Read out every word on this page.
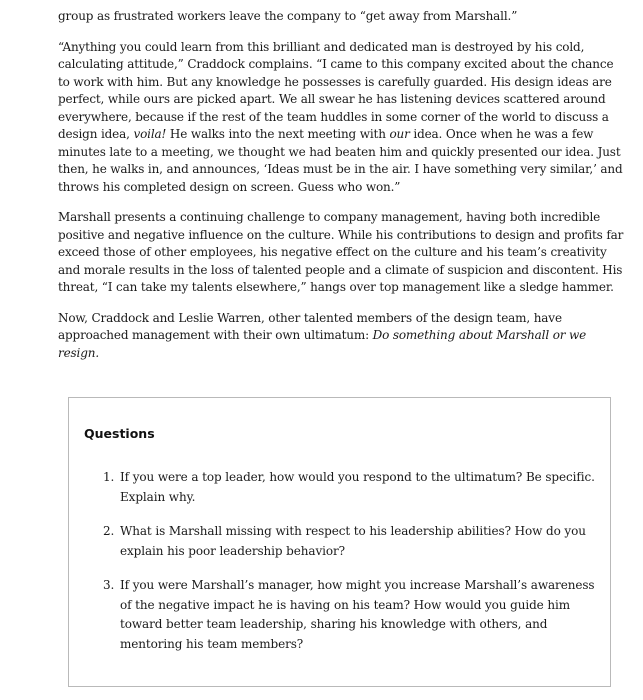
group as frustrated workers leave the company to “get away from Marshall.”

“Anything you could learn from this brilliant and dedicated man is destroyed by his cold, calculating attitude,” Craddock complains. “I came to this company excited about the chance to work with him. But any knowledge he possesses is carefully guarded. His design ideas are perfect, while ours are picked apart. We all swear he has listening devices scattered around everywhere, because if the rest of the team huddles in some corner of the world to discuss a design idea, voila! He walks into the next meeting with our idea. Once when he was a few minutes late to a meeting, we thought we had beaten him and quickly presented our idea. Just then, he walks in, and announces, ‘Ideas must be in the air. I have something very similar,’ and throws his completed design on screen. Guess who won.”

Marshall presents a continuing challenge to company management, having both incredible positive and negative influence on the culture. While his contributions to design and profits far exceed those of other employees, his negative effect on the culture and his team’s creativity and morale results in the loss of talented people and a climate of suspicion and discontent. His threat, “I can take my talents elsewhere,” hangs over top management like a sledge hammer.

Now, Craddock and Leslie Warren, other talented members of the design team, have approached management with their own ultimatum: Do something about Marshall or we resign.

Questions
1. If you were a top leader, how would you respond to the ultimatum? Be specific. Explain why.
2. What is Marshall missing with respect to his leadership abilities? How do you explain his poor leadership behavior?
3. If you were Marshall’s manager, how might you increase Marshall’s awareness of the negative impact he is having on his team? How would you guide him toward better team leadership, sharing his knowledge with others, and mentoring his team members?
